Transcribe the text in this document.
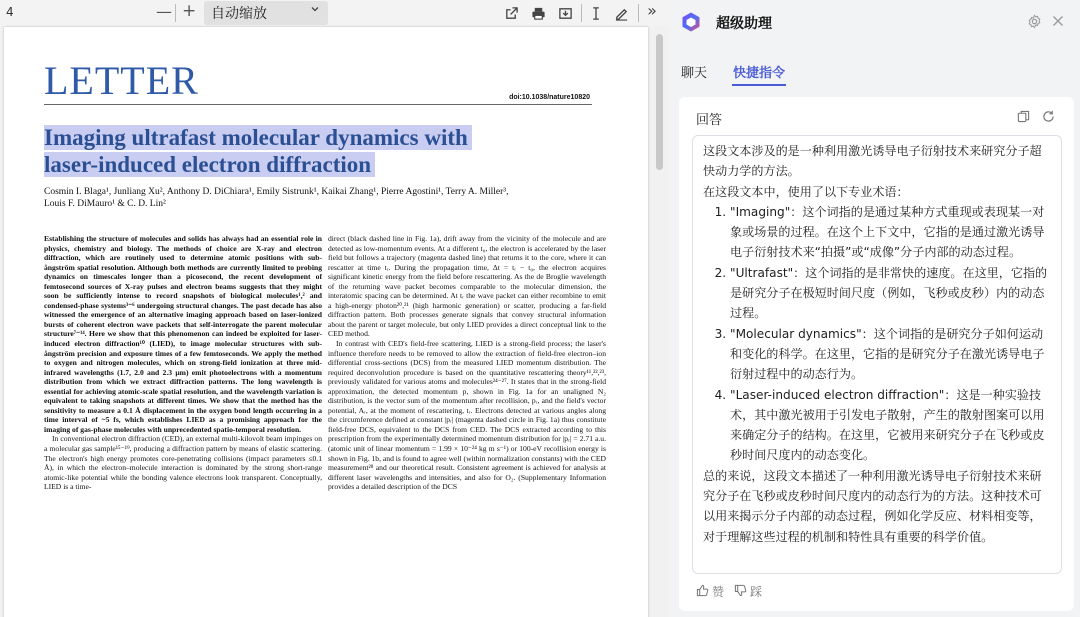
4	— + 自动缩放	»
LETTER	doi:10.1038/nature10820
Imaging ultrafast molecular dynamics with
laser-induced electron diffraction
Cosmin I. Blaga¹, Junliang Xu², Anthony D. DiChiara¹, Emily Sistrunk¹, Kaikai Zhang¹, Pierre Agostini¹, Terry A. Miller³,
Louis F. DiMauro¹ & C. D. Lin²

Establishing the structure of molecules and solids has always had an essential role in physics, chemistry and biology. The methods of choice are X-ray and electron diffraction, which are routinely used to determine atomic positions with sub-ångström spatial resolution. Although both methods are currently limited to probing dynamics on timescales longer than a picosecond, the recent development of femtosecond sources of X-ray pulses and electron beams suggests that they might soon be sufficiently intense to record snapshots of biological molecules¹,² and condensed-phase systems³⁻⁶ undergoing structural changes. The past decade has also witnessed the emergence of an alternative imaging approach based on laser-ionized bursts of coherent electron wave packets that self-interrogate the parent molecular structure⁷⁻¹⁴. Here we show that this phenomenon can indeed be exploited for laser-induced electron diffraction¹⁰ (LIED), to image molecular structures with sub-ångström precision and exposure times of a few femtoseconds. We apply the method to oxygen and nitrogen molecules, which on strong-field ionization at three mid-infrared wavelengths (1.7, 2.0 and 2.3 μm) emit photoelectrons with a momentum distribution from which we extract diffraction patterns. The long wavelength is essential for achieving atomic-scale spatial resolution, and the wavelength variation is equivalent to taking snapshots at different times. We show that the method has the sensitivity to measure a 0.1 Å displacement in the oxygen bond length occurring in a time interval of ~5 fs, which establishes LIED as a promising approach for the imaging of gas-phase molecules with unprecedented spatio-temporal resolution.

In conventional electron diffraction (CED), an external multi-kilovolt beam impinges on a molecular gas sample¹⁵⁻¹⁹, producing a diffraction pattern by means of elastic scattering. The electron's high energy promotes core-penetrating collisions (impact parameters ≤0.1 Å), in which the electron–molecule interaction is dominated by the strong short-range atomic-like potential while the bonding valence electrons look transparent. Conceptually, LIED is a time-

direct (black dashed line in Fig. 1a), drift away from the vicinity of the molecule and are detected as low-momentum events. At a different t₀, the electron is accelerated by the laser field but follows a trajectory (magenta dashed line) that returns it to the core, where it can rescatter at time tᵣ. During the propagation time, Δt = tᵣ − t₀, the electron acquires significant kinetic energy from the field before rescattering. As the de Broglie wavelength of the returning wave packet becomes comparable to the molecular dimension, the interatomic spacing can be determined. At tᵣ the wave packet can either recombine to emit a high-energy photon²⁰,²¹ (high harmonic generation) or scatter, producing a far-field diffraction pattern. Both processes generate signals that convey structural information about the parent or target molecule, but only LIED provides a direct conceptual link to the CED method.

In contrast with CED's field-free scattering, LIED is a strong-field process; the laser's influence therefore needs to be removed to allow the extraction of field-free electron–ion differential cross-sections (DCS) from the measured LIED momentum distribution. The required deconvolution procedure is based on the quantitative rescattering theory¹¹,²²,²³, previously validated for various atoms and molecules²⁴⁻²⁷. It states that in the strong-field approximation, the detected momentum p, shown in Fig. 1a for an unaligned N₂ distribution, is the vector sum of the momentum after recollision, pᵣ, and the field's vector potential, Aᵣ, at the moment of rescattering, tᵣ. Electrons detected at various angles along the circumference defined at constant |pᵣ| (magenta dashed circle in Fig. 1a) thus constitute field-free DCS, equivalent to the DCS from CED. The DCS extracted according to this prescription from the experimentally determined momentum distribution for |pᵣ| = 2.71 a.u. (atomic unit of linear momentum = 1.99 × 10⁻²⁴ kg m s⁻¹) or 100-eV recollision energy is shown in Fig. 1b, and is found to agree well (within normalization constants) with the CED measurement²⁸ and our theoretical result. Consistent agreement is achieved for analysis at different laser wavelengths and intensities, and also for O₂. (Supplementary Information provides a detailed description of the DCS

超级助理
聊天 快捷指令
回答

这段文本涉及的是一种利用激光诱导电子衍射技术来研究分子超快动力学的方法。

在这段文本中，使用了以下专业术语：

1. "Imaging"：这个词指的是通过某种方式重现或表现某一对象或场景的过程。在这个上下文中，它指的是通过激光诱导电子衍射技术来“拍摄”或“成像”分子内部的动态过程。
2. "Ultrafast"：这个词指的是非常快的速度。在这里，它指的是研究分子在极短时间尺度（例如，飞秒或皮秒）内的动态过程。
3. "Molecular dynamics"：这个词指的是研究分子如何运动和变化的科学。在这里，它指的是研究分子在激光诱导电子衍射过程中的动态行为。
4. "Laser-induced electron diffraction"：这是一种实验技术，其中激光被用于引发电子散射，产生的散射图案可以用来确定分子的结构。在这里，它被用来研究分子在飞秒或皮秒时间尺度内的动态变化。

总的来说，这段文本描述了一种利用激光诱导电子衍射技术来研究分子在飞秒或皮秒时间尺度内的动态行为的方法。这种技术可以用来揭示分子内部的动态过程，例如化学反应、材料相变等，对于理解这些过程的机制和特性具有重要的科学价值。

赞 踩
